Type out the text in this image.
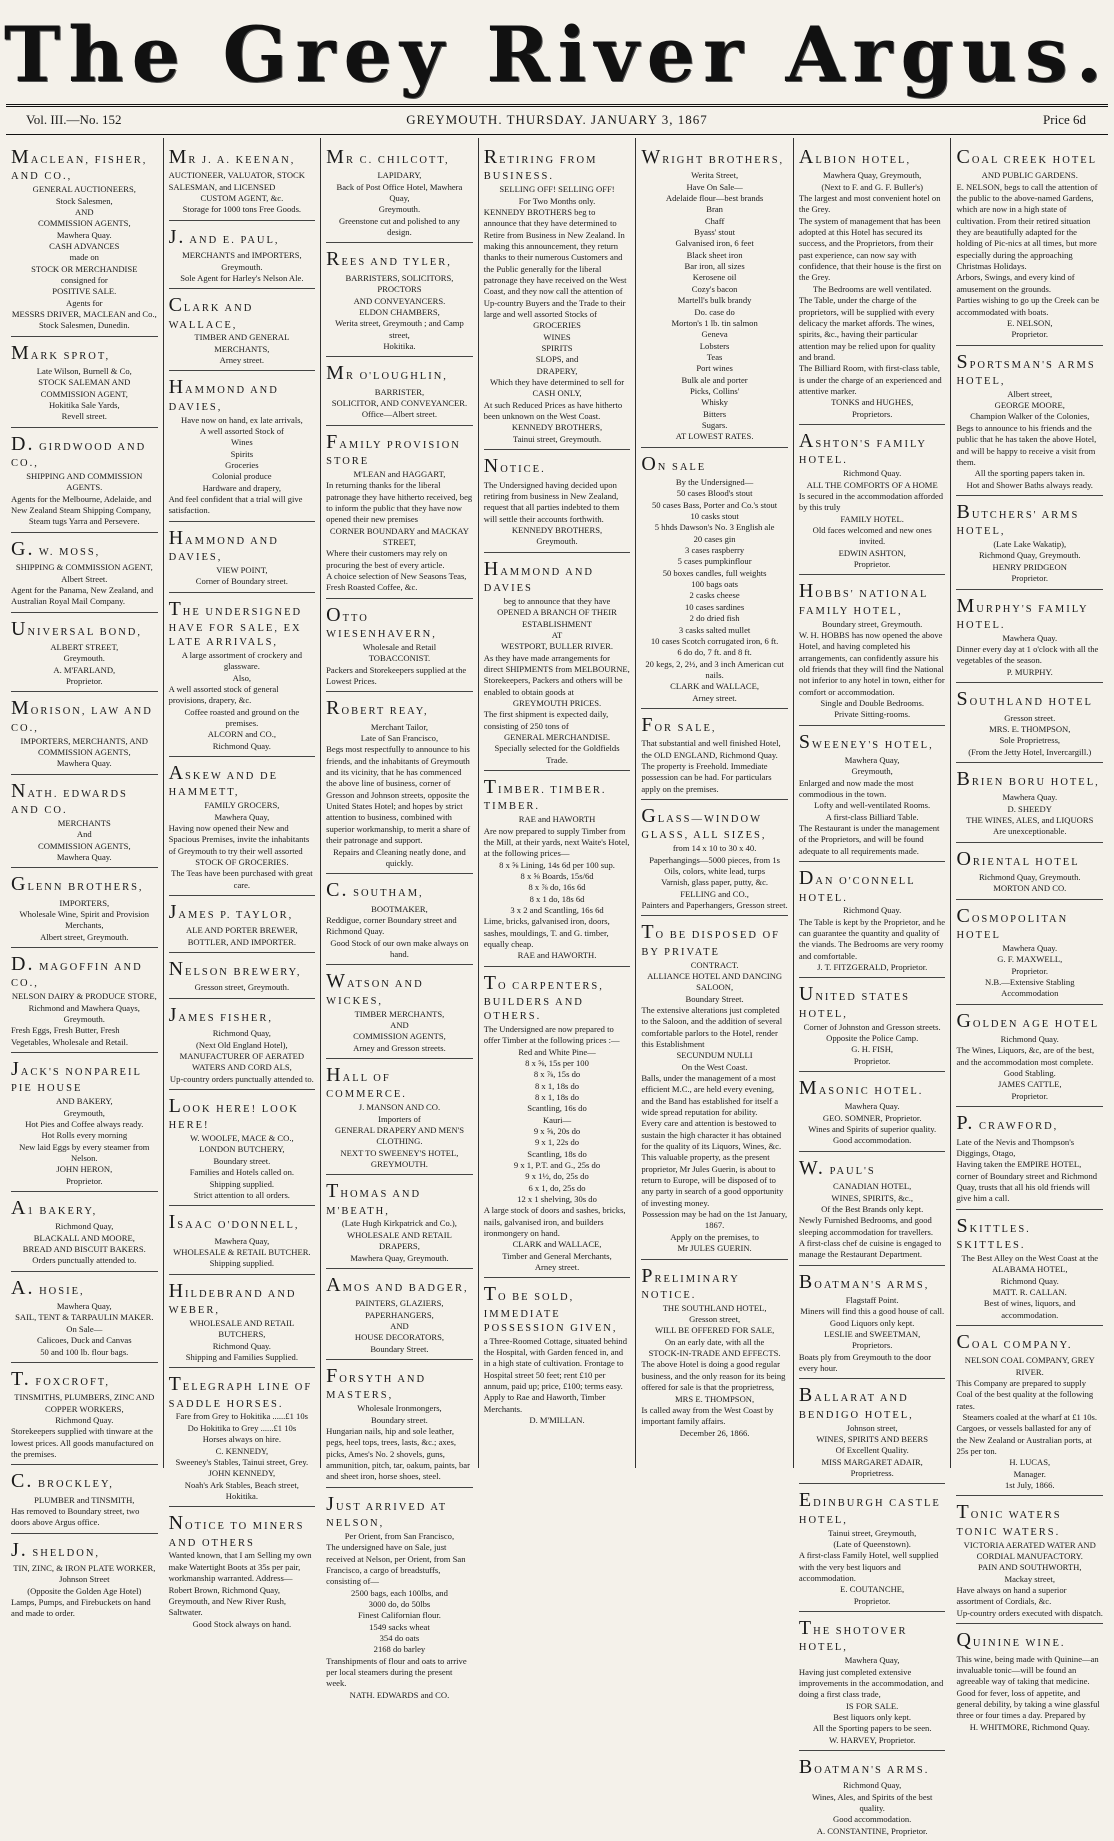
The Grey River Argus.
Vol. III.—No. 152	GREYMOUTH. THURSDAY. JANUARY 3, 1867	Price 6d
MACLEAN, FISHER, AND CO.,
GENERAL AUCTIONEERS,
Stock Salesmen,
AND
COMMISSION AGENTS,
Mawhera Quay.
CASH ADVANCES
made on
STOCK OR MERCHANDISE
consigned for
POSITIVE SALE.
Agents for
MESSRS DRIVER, MACLEAN and Co.,
Stock Salesmen, Dunedin.
MARK SPROT,
Late Wilson, Burnell & Co,
STOCK SALEMAN AND COMMISSION AGENT,
Hokitika Sale Yards,
Revell street.
D. GIRDWOOD AND CO.,
SHIPPING AND COMMISSION AGENTS.
Agents for the Melbourne, Adelaide, and New Zealand Steam Shipping Company,
Steam tugs Yarra and Persevere.
G. W. MOSS,
SHIPPING & COMMISSION AGENT,
Albert Street.
Agent for the Panama, New Zealand, and Australian Royal Mail Company.
UNIVERSAL BOND,
ALBERT STREET,
Greymouth.
A. M'FARLAND,
Proprietor.
MORISON, LAW AND CO.,
IMPORTERS, MERCHANTS, AND COMMISSION AGENTS,
Mawhera Quay.
NATH. EDWARDS AND CO.
MERCHANTS
And
COMMISSION AGENTS,
Mawhera Quay.
GLENN BROTHERS,
IMPORTERS,
Wholesale Wine, Spirit and Provision Merchants,
Albert street, Greymouth.
D. MAGOFFIN AND CO.,
NELSON DAIRY & PRODUCE STORE,
Richmond and Mawhera Quays, Greymouth.
Fresh Eggs, Fresh Butter, Fresh Vegetables, Wholesale and Retail.
JACK'S NONPAREIL PIE HOUSE
AND BAKERY,
Greymouth,
Hot Pies and Coffee always ready.
Hot Rolls every morning
New laid Eggs by every steamer from Nelson.
JOHN HERON,
Proprietor.
A1 BAKERY,
Richmond Quay,
BLACKALL AND MOORE,
BREAD AND BISCUIT BAKERS.
Orders punctually attended to.
A. HOSIE,
Mawhera Quay,
SAIL, TENT & TARPAULIN MAKER.
On Sale—
Calicoes, Duck and Canvas
50 and 100 lb. flour bags.
T. FOXCROFT,
TINSMITHS, PLUMBERS, ZINC AND COPPER WORKERS,
Richmond Quay.
Storekeepers supplied with tinware at the lowest prices. All goods manufactured on the premises.
C. BROCKLEY,
PLUMBER and TINSMITH,
Has removed to Boundary street, two doors above Argus office.
J. SHELDON,
TIN, ZINC, & IRON PLATE WORKER,
Johnson Street
(Opposite the Golden Age Hotel)
Lamps, Pumps, and Firebuckets on hand and made to order.
MR J. A. KEENAN,
AUCTIONEER, VALUATOR, STOCK SALESMAN, and LICENSED
CUSTOM AGENT, &c.
Storage for 1000 tons Free Goods.
J. AND E. PAUL,
MERCHANTS and IMPORTERS,
Greymouth.
Sole Agent for Harley's Nelson Ale.
CLARK AND WALLACE,
TIMBER AND GENERAL MERCHANTS,
Arney street.
HAMMOND AND DAVIES,
Have now on hand, ex late arrivals,
A well assorted Stock of
Wines
Spirits
Groceries
Colonial produce
Hardware and drapery,
And feel confident that a trial will give satisfaction.
HAMMOND AND DAVIES,
VIEW POINT,
Corner of Boundary street.
THE UNDERSIGNED HAVE FOR SALE, EX LATE ARRIVALS,
A large assortment of crockery and glassware.
Also,
A well assorted stock of general provisions, drapery, &c.
Coffee roasted and ground on the premises.
ALCORN and CO.,
Richmond Quay.
ASKEW AND DE HAMMETT,
FAMILY GROCERS,
Mawhera Quay,
Having now opened their New and Spacious Premises, invite the inhabitants of Greymouth to try their well assorted
STOCK OF GROCERIES.
The Teas have been purchased with great care.
JAMES P. TAYLOR,
ALE AND PORTER BREWER,
BOTTLER, AND IMPORTER.
NELSON BREWERY,
Gresson street, Greymouth.
JAMES FISHER,
Richmond Quay,
(Next Old England Hotel),
MANUFACTURER OF AERATED WATERS AND CORD ALS,
Up-country orders punctually attended to.
LOOK HERE! LOOK HERE!
W. WOOLFE, MACE & CO.,
LONDON BUTCHERY,
Boundary street.
Families and Hotels called on.
Shipping supplied.
Strict attention to all orders.
ISAAC O'DONNELL,
Mawhera Quay,
WHOLESALE & RETAIL BUTCHER.
Shipping supplied.
HILDEBRAND AND WEBER,
WHOLESALE AND RETAIL BUTCHERS,
Richmond Quay.
Shipping and Families Supplied.
TELEGRAPH LINE OF SADDLE HORSES.
Fare from Grey to Hokitika ......£1 10s
Do Hokitika to Grey ......£1 10s
Horses always on hire.
C. KENNEDY,
Sweeney's Stables, Tainui street, Grey.
JOHN KENNEDY,
Noah's Ark Stables, Beach street, Hokitika.
NOTICE TO MINERS AND OTHERS
Wanted known, that I am Selling my own make Watertight Boots at 35s per pair, workmanship warranted. Address—Robert Brown, Richmond Quay, Greymouth, and New River Rush, Saltwater.
Good Stock always on hand.
MR C. CHILCOTT,
LAPIDARY,
Back of Post Office Hotel, Mawhera Quay,
Greymouth.
Greenstone cut and polished to any design.
REES AND TYLER,
BARRISTERS, SOLICITORS, PROCTORS
AND CONVEYANCERS.
ELDON CHAMBERS,
Werita street, Greymouth ; and Camp street,
Hokitika.
MR O'LOUGHLIN,
BARRISTER,
SOLICITOR, AND CONVEYANCER.
Office—Albert street.
FAMILY PROVISION STORE
M'LEAN and HAGGART,
In returning thanks for the liberal patronage they have hitherto received, beg to inform the public that they have now opened their new premises
CORNER BOUNDARY and MACKAY STREET,
Where their customers may rely on procuring the best of every article.
A choice selection of New Seasons Teas, Fresh Roasted Coffee, &c.
OTTO WIESENHAVERN,
Wholesale and Retail
TOBACCONIST.
Packers and Storekeepers supplied at the Lowest Prices.
ROBERT REAY,
Merchant Tailor,
Late of San Francisco,
Begs most respectfully to announce to his friends, and the inhabitants of Greymouth and its vicinity, that he has commenced the above line of business, corner of Gresson and Johnson streets, opposite the United States Hotel; and hopes by strict attention to business, combined with superior workmanship, to merit a share of their patronage and support.
Repairs and Cleaning neatly done, and quickly.
C. SOUTHAM,
BOOTMAKER,
Reddigue, corner Boundary street and Richmond Quay.
Good Stock of our own make always on hand.
WATSON AND WICKES,
TIMBER MERCHANTS,
AND
COMMISSION AGENTS,
Arney and Gresson streets.
HALL OF COMMERCE.
J. MANSON AND CO.
Importers of
GENERAL DRAPERY AND MEN'S CLOTHING.
NEXT TO SWEENEY'S HOTEL, GREYMOUTH.
THOMAS AND M'BEATH,
(Late Hugh Kirkpatrick and Co.),
WHOLESALE AND RETAIL DRAPERS,
Mawhera Quay, Greymouth.
AMOS AND BADGER,
PAINTERS, GLAZIERS,
PAPERHANGERS,
AND
HOUSE DECORATORS,
Boundary Street.
FORSYTH AND MASTERS,
Wholesale Ironmongers,
Boundary street.
Hungarian nails, hip and sole leather, pegs, heel tops, trees, lasts, &c.; axes, picks, Ames's No. 2 shovels, guns, ammunition, pitch, tar, oakum, paints, bar and sheet iron, horse shoes, steel.
JUST ARRIVED AT NELSON,
Per Orient, from San Francisco,
The undersigned have on Sale, just received at Nelson, per Orient, from San Francisco, a cargo of breadstuffs, consisting of—
2500 bags, each 100lbs, and
3000 do, do 50lbs
Finest Californian flour.
1549 sacks wheat
354 do oats
2168 do barley
Transhipments of flour and oats to arrive per local steamers during the present week.
NATH. EDWARDS and CO.
RETIRING FROM BUSINESS.
SELLING OFF! SELLING OFF!
For Two Months only.
KENNEDY BROTHERS beg to announce that they have determined to Retire from Business in New Zealand. In making this announcement, they return thanks to their numerous Customers and the Public generally for the liberal patronage they have received on the West Coast, and they now call the attention of Up-country Buyers and the Trade to their large and well assorted Stocks of
GROCERIES
WINES
SPIRITS
SLOPS, and
DRAPERY,
Which they have determined to sell for
CASH ONLY,
At such Reduced Prices as have hitherto been unknown on the West Coast.
KENNEDY BROTHERS,
Tainui street, Greymouth.
NOTICE.
The Undersigned having decided upon retiring from business in New Zealand, request that all parties indebted to them will settle their accounts forthwith.
KENNEDY BROTHERS,
Greymouth.
HAMMOND AND DAVIES
beg to announce that they have
OPENED A BRANCH OF THEIR ESTABLISHMENT
AT
WESTPORT, BULLER RIVER.
As they have made arrangements for direct SHIPMENTS from MELBOURNE, Storekeepers, Packers and others will be enabled to obtain goods at
GREYMOUTH PRICES.
The first shipment is expected daily, consisting of 250 tons of
GENERAL MERCHANDISE.
Specially selected for the Goldfields Trade.
TIMBER. TIMBER. TIMBER.
RAE and HAWORTH
Are now prepared to supply Timber from the Mill, at their yards, next Waite's Hotel, at the following prices—
8 x ⅝ Lining, 14s 6d per 100 sup.
8 x ⅝ Boards, 15s/6d
8 x ⅞ do, 16s 6d
8 x 1 do, 18s 6d
3 x 2 and Scantling, 16s 6d
Lime, bricks, galvanised iron, doors, sashes, mouldings, T. and G. timber, equally cheap.
RAE and HAWORTH.
TO CARPENTERS, BUILDERS AND OTHERS.
The Undersigned are now prepared to offer Timber at the following prices :—
Red and White Pine—
8 x ⅝, 15s per 100
8 x ⅞, 15s do
8 x 1, 18s do
8 x 1, 18s do
Scantling, 16s do
Kauri—
9 x ⅝, 20s do
9 x 1, 22s do
Scantling, 18s do
9 x 1, P.T. and G., 25s do
9 x 1½, do, 25s do
6 x 1, do, 25s do
12 x 1 shelving, 30s do
A large stock of doors and sashes, bricks, nails, galvanised iron, and builders ironmongery on hand.
CLARK and WALLACE,
Timber and General Merchants,
Arney street.
TO BE SOLD, IMMEDIATE POSSESSION GIVEN,
a Three-Roomed Cottage, situated behind the Hospital, with Garden fenced in, and in a high state of cultivation. Frontage to Hospital street 50 feet; rent £10 per annum, paid up; price, £100; terms easy. Apply to Rae and Haworth, Timber Merchants.
D. M'MILLAN.
WRIGHT BROTHERS,
Werita Street,
Have On Sale—
Adelaide flour—best brands
Bran
Chaff
Byass' stout
Galvanised iron, 6 feet
Black sheet iron
Bar iron, all sizes
Kerosene oil
Cozy's bacon
Martell's bulk brandy
Do. case do
Morton's 1 lb. tin salmon
Geneva
Lobsters
Teas
Port wines
Bulk ale and porter
Picks, Collins'
Whisky
Bitters
Sugars.
AT LOWEST RATES.
ON SALE
By the Undersigned—
50 cases Blood's stout
50 cases Bass, Porter and Co.'s stout
10 casks stout
5 hhds Dawson's No. 3 English ale
20 cases gin
3 cases raspberry
5 cases pumpkinflour
50 boxes candles, full weights
100 bags oats
2 casks cheese
10 cases sardines
2 do dried fish
3 casks salted mullet
10 cases Scotch corrugated iron, 6 ft.
6 do do, 7 ft. and 8 ft.
20 kegs, 2, 2½, and 3 inch American cut nails.
CLARK and WALLACE,
Arney street.
FOR SALE,
That substantial and well finished Hotel, the OLD ENGLAND, Richmond Quay. The property is Freehold. Immediate possession can be had. For particulars apply on the premises.
GLASS—WINDOW GLASS, ALL SIZES,
from 14 x 10 to 30 x 40.
Paperhangings—5000 pieces, from 1s
Oils, colors, white lead, turps
Varnish, glass paper, putty, &c.
FELLING and CO.,
Painters and Paperhangers, Gresson street.
TO BE DISPOSED OF BY PRIVATE
CONTRACT.
ALLIANCE HOTEL AND DANCING SALOON,
Boundary Street.
The extensive alterations just completed to the Saloon, and the addition of several comfortable parlors to the Hotel, render this Establishment
SECUNDUM NULLI
On the West Coast.
Balls, under the management of a most efficient M.C., are held every evening, and the Band has established for itself a wide spread reputation for ability.
Every care and attention is bestowed to sustain the high character it has obtained for the quality of its Liquors, Wines, &c.
This valuable property, as the present proprietor, Mr Jules Guerin, is about to return to Europe, will be disposed of to any party in search of a good opportunity of investing money.
Possession may be had on the 1st January, 1867.
Apply on the premises, to
Mr JULES GUERIN.
PRELIMINARY NOTICE.
THE SOUTHLAND HOTEL,
Gresson street,
WILL BE OFFERED FOR SALE,
On an early date, with all the
STOCK-IN-TRADE AND EFFECTS.
The above Hotel is doing a good regular business, and the only reason for its being offered for sale is that the proprietress,
MRS E. THOMPSON,
Is called away from the West Coast by important family affairs.
December 26, 1866.
ALBION HOTEL,
Mawhera Quay, Greymouth,
(Next to F. and G. F. Buller's)
The largest and most convenient hotel on the Grey.
The system of management that has been adopted at this Hotel has secured its success, and the Proprietors, from their past experience, can now say with confidence, that their house is the first on the Grey.
The Bedrooms are well ventilated.
The Table, under the charge of the proprietors, will be supplied with every delicacy the market affords. The wines, spirits, &c., having their particular attention may be relied upon for quality and brand.
The Billiard Room, with first-class table, is under the charge of an experienced and attentive marker.
TONKS and HUGHES,
Proprietors.
ASHTON'S FAMILY HOTEL.
Richmond Quay.
ALL THE COMFORTS OF A HOME
Is secured in the accommodation afforded by this truly
FAMILY HOTEL.
Old faces welcomed and new ones invited.
EDWIN ASHTON,
Proprietor.
HOBBS' NATIONAL FAMILY HOTEL,
Boundary street, Greymouth.
W. H. HOBBS has now opened the above Hotel, and having completed his arrangements, can confidently assure his old friends that they will find the National not inferior to any hotel in town, either for comfort or accommodation.
Single and Double Bedrooms.
Private Sitting-rooms.
SWEENEY'S HOTEL,
Mawhera Quay,
Greymouth,
Enlarged and now made the most commodious in the town.
Lofty and well-ventilated Rooms.
A first-class Billiard Table.
The Restaurant is under the management of the Proprietors, and will be found adequate to all requirements made.
DAN O'CONNELL HOTEL.
Richmond Quay.
The Table is kept by the Proprietor, and he can guarantee the quantity and quality of the viands. The Bedrooms are very roomy and comfortable.
J. T. FITZGERALD, Proprietor.
UNITED STATES HOTEL,
Corner of Johnston and Gresson streets.
Opposite the Police Camp.
G. H. FISH,
Proprietor.
MASONIC HOTEL.
Mawhera Quay.
GEO. SOMNER, Proprietor.
Wines and Spirits of superior quality.
Good accommodation.
W. PAUL'S
CANADIAN HOTEL,
WINES, SPIRITS, &c.,
Of the Best Brands only kept.
Newly Furnished Bedrooms, and good sleeping accommodation for travellers.
A first-class chef de cuisine is engaged to manage the Restaurant Department.
BOATMAN'S ARMS,
Flagstaff Point.
Miners will find this a good house of call.
Good Liquors only kept.
LESLIE and SWEETMAN,
Proprietors.
Boats ply from Greymouth to the door every hour.
BALLARAT AND BENDIGO HOTEL,
Johnson street,
WINES, SPIRITS AND BEERS
Of Excellent Quality.
MISS MARGARET ADAIR,
Proprietress.
EDINBURGH CASTLE HOTEL,
Tainui street, Greymouth,
(Late of Queenstown).
A first-class Family Hotel, well supplied with the very best liquors and accommodation.
E. COUTANCHE,
Proprietor.
THE SHOTOVER HOTEL,
Mawhera Quay,
Having just completed extensive improvements in the accommodation, and doing a first class trade,
IS FOR SALE.
Best liquors only kept.
All the Sporting papers to be seen.
W. HARVEY, Proprietor.
BOATMAN'S ARMS.
Richmond Quay,
Wines, Ales, and Spirits of the best quality.
Good accommodation.
A. CONSTANTINE, Proprietor.
COAL CREEK HOTEL
AND PUBLIC GARDENS.
E. NELSON, begs to call the attention of the public to the above-named Gardens, which are now in a high state of cultivation. From their retired situation they are beautifully adapted for the holding of Pic-nics at all times, but more especially during the approaching Christmas Holidays.
Arbors, Swings, and every kind of amusement on the grounds.
Parties wishing to go up the Creek can be accommodated with boats.
E. NELSON,
Proprietor.
SPORTSMAN'S ARMS HOTEL,
Albert street,
GEORGE MOORE,
Champion Walker of the Colonies,
Begs to announce to his friends and the public that he has taken the above Hotel, and will be happy to receive a visit from them.
All the sporting papers taken in.
Hot and Shower Baths always ready.
BUTCHERS' ARMS HOTEL,
(Late Lake Wakatip),
Richmond Quay, Greymouth.
HENRY PRIDGEON
Proprietor.
MURPHY'S FAMILY HOTEL.
Mawhera Quay.
Dinner every day at 1 o'clock with all the vegetables of the season.
P. MURPHY.
SOUTHLAND HOTEL
Gresson street.
MRS. E. THOMPSON,
Sole Proprietress,
(From the Jetty Hotel, Invercargill.)
BRIEN BORU HOTEL,
Mawhera Quay.
D. SHEEDY
THE WINES, ALES, and LIQUORS
Are unexceptionable.
ORIENTAL HOTEL
Richmond Quay, Greymouth.
MORTON AND CO.
COSMOPOLITAN HOTEL
Mawhera Quay.
G. F. MAXWELL,
Proprietor.
N.B.—Extensive Stabling Accommodation
GOLDEN AGE HOTEL
Richmond Quay.
The Wines, Liquors, &c, are of the best, and the accommodation most complete.
Good Stabling.
JAMES CATTLE,
Proprietor.
P. CRAWFORD,
Late of the Nevis and Thompson's Diggings, Otago,
Having taken the EMPIRE HOTEL, corner of Boundary street and Richmond Quay, trusts that all his old friends will give him a call.
SKITTLES. SKITTLES.
The Best Alley on the West Coast at the
ALABAMA HOTEL,
Richmond Quay.
MATT. R. CALLAN.
Best of wines, liquors, and accommodation.
COAL COMPANY.
NELSON COAL COMPANY, GREY RIVER.
This Company are prepared to supply Coal of the best quality at the following rates.
Steamers coaled at the wharf at £1 10s.
Cargoes, or vessels ballasted for any of the New Zealand or Australian ports, at 25s per ton.
H. LUCAS,
Manager.
1st July, 1866.
TONIC WATERS TONIC WATERS.
VICTORIA AERATED WATER AND CORDIAL MANUFACTORY.
PAIN AND SOUTHWORTH,
Mackay street,
Have always on hand a superior assortment of Cordials, &c.
Up-country orders executed with dispatch.
QUININE WINE.
This wine, being made with Quinine—an invaluable tonic—will be found an agreeable way of taking that medicine. Good for fever, loss of appetite, and general debility, by taking a wine glassful three or four times a day. Prepared by
H. WHITMORE, Richmond Quay.
